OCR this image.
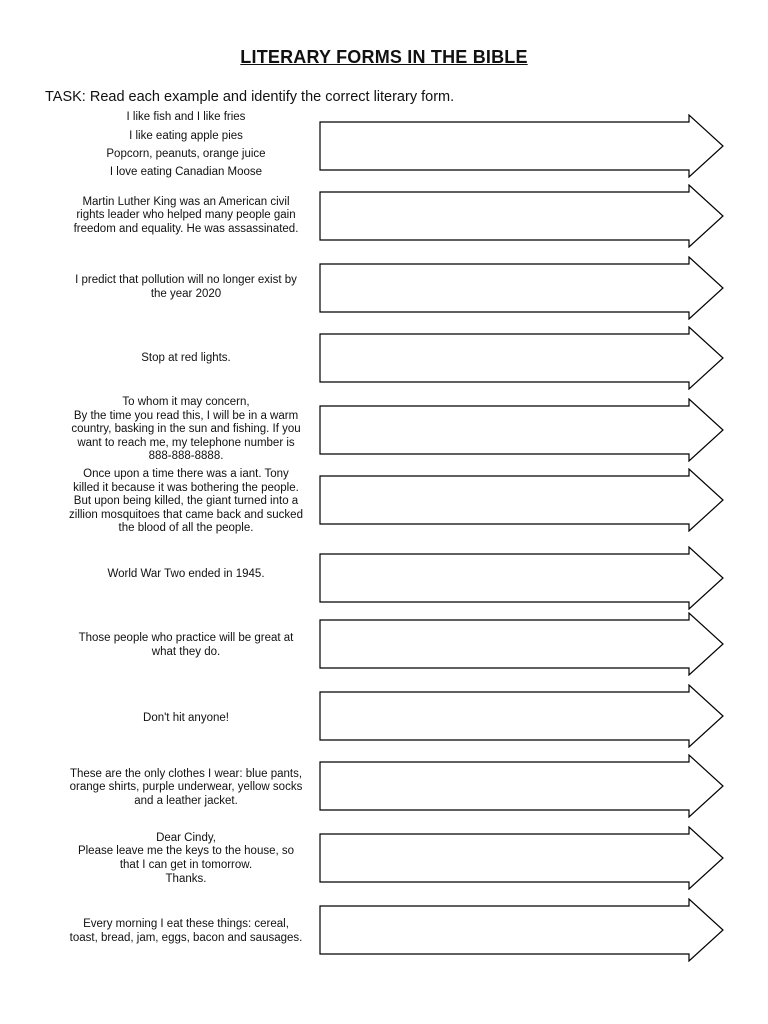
LITERARY FORMS IN THE BIBLE
TASK: Read each example and identify the correct literary form.
I like fish and I like fries
I like eating apple pies
Popcorn, peanuts, orange juice
I love eating Canadian Moose
Martin Luther King was an American civil
rights leader who helped many people gain
freedom and equality. He was assassinated.
I predict that pollution will no longer exist by
the year 2020
Stop at red lights.
To whom it may concern,
By the time you read this, I will be in a warm
country, basking in the sun and fishing. If you
want to reach me, my telephone number is
888-888-8888.
Once upon a time there was a iant. Tony
killed it because it was bothering the people.
But upon being killed, the giant turned into a
zillion mosquitoes that came back and sucked
the blood of all the people.
World War Two ended in 1945.
Those people who practice will be great at
what they do.
Don't hit anyone!
These are the only clothes I wear: blue pants,
orange shirts, purple underwear, yellow socks
and a leather jacket.
Dear Cindy,
Please leave me the keys to the house, so
that I can get in tomorrow.
Thanks.
Every morning I eat these things: cereal,
toast, bread, jam, eggs, bacon and sausages.
